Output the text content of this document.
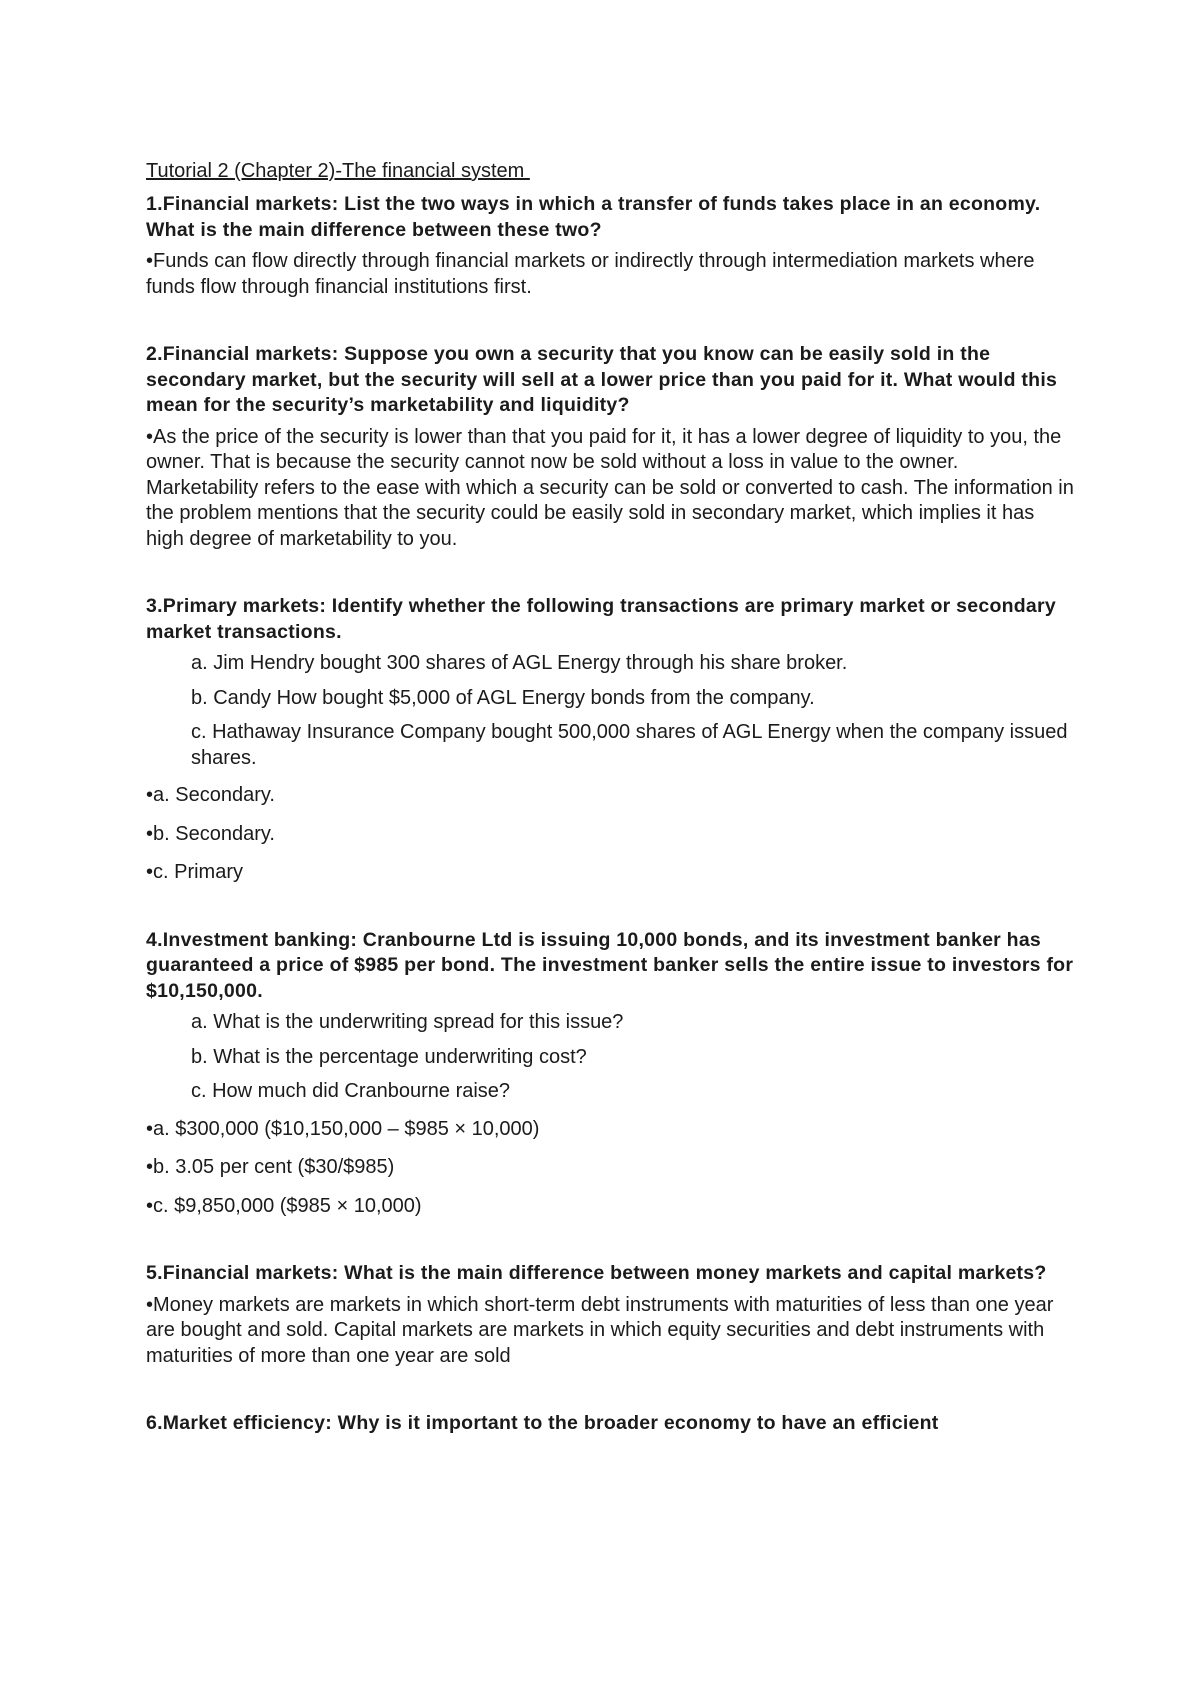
Tutorial 2 (Chapter 2)-The financial system

1.Financial markets: List the two ways in which a transfer of funds takes place in an economy. What is the main difference between these two?

•Funds can flow directly through financial markets or indirectly through intermediation markets where funds flow through financial institutions first.

2.Financial markets: Suppose you own a security that you know can be easily sold in the secondary market, but the security will sell at a lower price than you paid for it. What would this mean for the security’s marketability and liquidity?

•As the price of the security is lower than that you paid for it, it has a lower degree of liquidity to you, the owner. That is because the security cannot now be sold without a loss in value to the owner. Marketability refers to the ease with which a security can be sold or converted to cash. The information in the problem mentions that the security could be easily sold in secondary market, which implies it has high degree of marketability to you.

3.Primary markets: Identify whether the following transactions are primary market or secondary market transactions.

a. Jim Hendry bought 300 shares of AGL Energy through his share broker.

b. Candy How bought $5,000 of AGL Energy bonds from the company.

c. Hathaway Insurance Company bought 500,000 shares of AGL Energy when the company issued shares.

•a. Secondary.

•b. Secondary.

•c. Primary

4.Investment banking: Cranbourne Ltd is issuing 10,000 bonds, and its investment banker has guaranteed a price of $985 per bond. The investment banker sells the entire issue to investors for $10,150,000.

a. What is the underwriting spread for this issue?

b. What is the percentage underwriting cost?

c. How much did Cranbourne raise?

•a. $300,000 ($10,150,000 – $985 × 10,000)

•b. 3.05 per cent ($30/$985)

•c. $9,850,000 ($985 × 10,000)

5.Financial markets: What is the main difference between money markets and capital markets?

•Money markets are markets in which short-term debt instruments with maturities of less than one year are bought and sold. Capital markets are markets in which equity securities and debt instruments with maturities of more than one year are sold

6.Market efficiency: Why is it important to the broader economy to have an efficient
